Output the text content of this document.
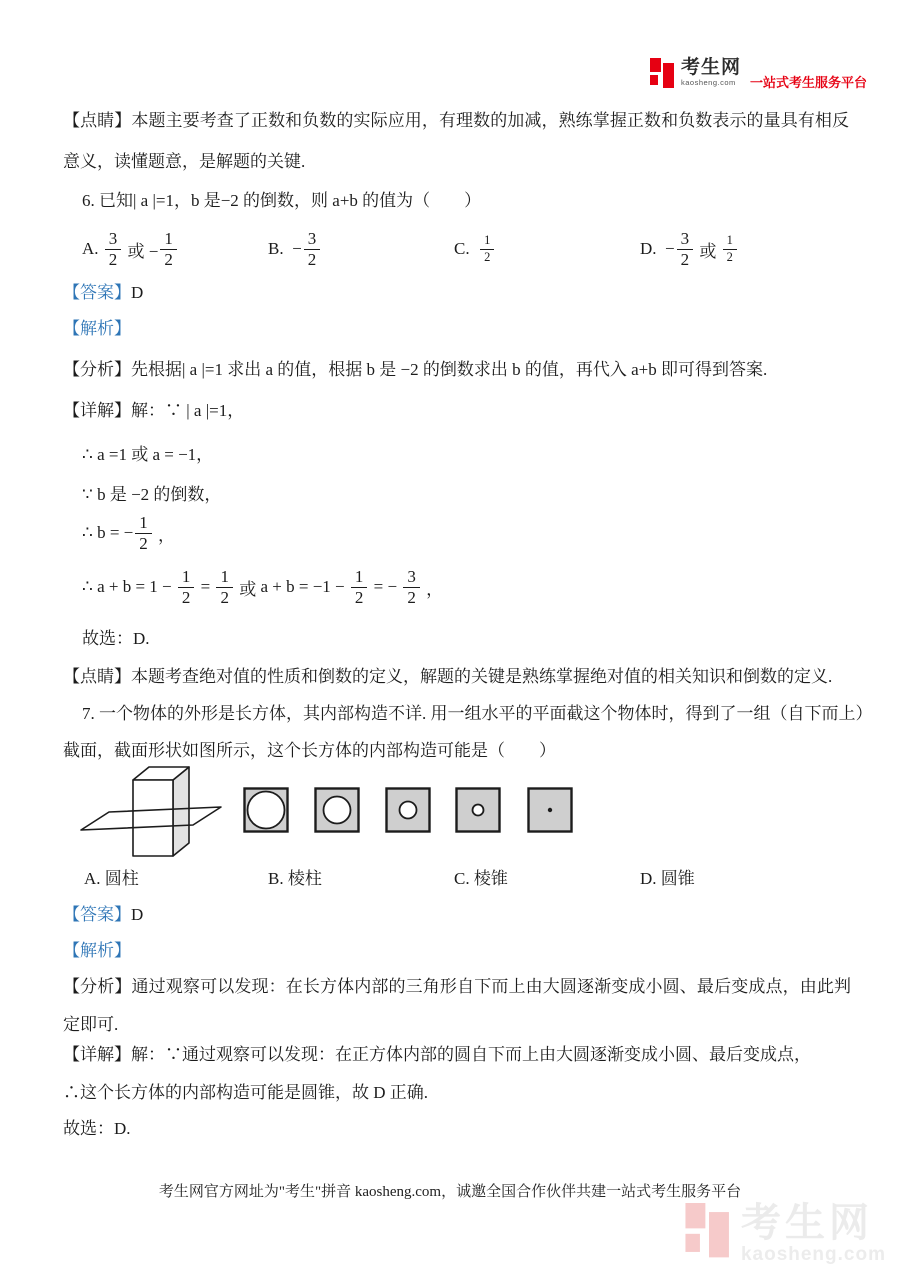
考生网
kaosheng.com	一站式考生服务平台

【点睛】本题主要考查了正数和负数的实际应用，有理数的加减，熟练掌握正数和负数表示的量具有相反意义，读懂题意，是解题的关键.

6. 已知| a |=1，b 是−2 的倒数，则 a+b 的值为（　　）

A. $\frac{3}{2}$ 或 − $\frac{1}{2}$	B.  − $\frac{3}{2}$	C. $\frac{1}{2}$	D.  − $\frac{3}{2}$ 或 $\frac{1}{2}$

【答案】D

【解析】

【分析】先根据| a |=1 求出 a 的值，根据 b 是 −2 的倒数求出 b 的值，再代入 a+b 即可得到答案.

【详解】解：∵ | a |=1，

∴ a =1 或 a = −1，

∵ b 是 −2 的倒数，

∴ b = − $\frac{1}{2}$ ，
∴ $a + b = 1 - \frac{1}{2} = \frac{1}{2}$ 或 $a + b = -1 - \frac{1}{2}$ = − $\frac{3}{2}$ ，

故选：D.

【点睛】本题考查绝对值的性质和倒数的定义，解题的关键是熟练掌握绝对值的相关知识和倒数的定义.

7. 一个物体的外形是长方体，其内部构造不详. 用一组水平的平面截这个物体时，得到了一组（自下而上）

截面，截面形状如图所示，这个长方体的内部构造可能是（　　）

A. 圆柱	B. 棱柱	C. 棱锥	D. 圆锥

【答案】D

【解析】

【分析】通过观察可以发现：在长方体内部的三角形自下而上由大圆逐渐变成小圆、最后变成点，由此判定即可.

【详解】解：∵通过观察可以发现：在正方体内部的圆自下而上由大圆逐渐变成小圆、最后变成点，

∴这个长方体的内部构造可能是圆锥，故 D 正确.

故选：D.

考生网官方网址为"考生"拼音 kaosheng.com，诚邀全国合作伙伴共建一站式考生服务平台

考生网
kaosheng.com
